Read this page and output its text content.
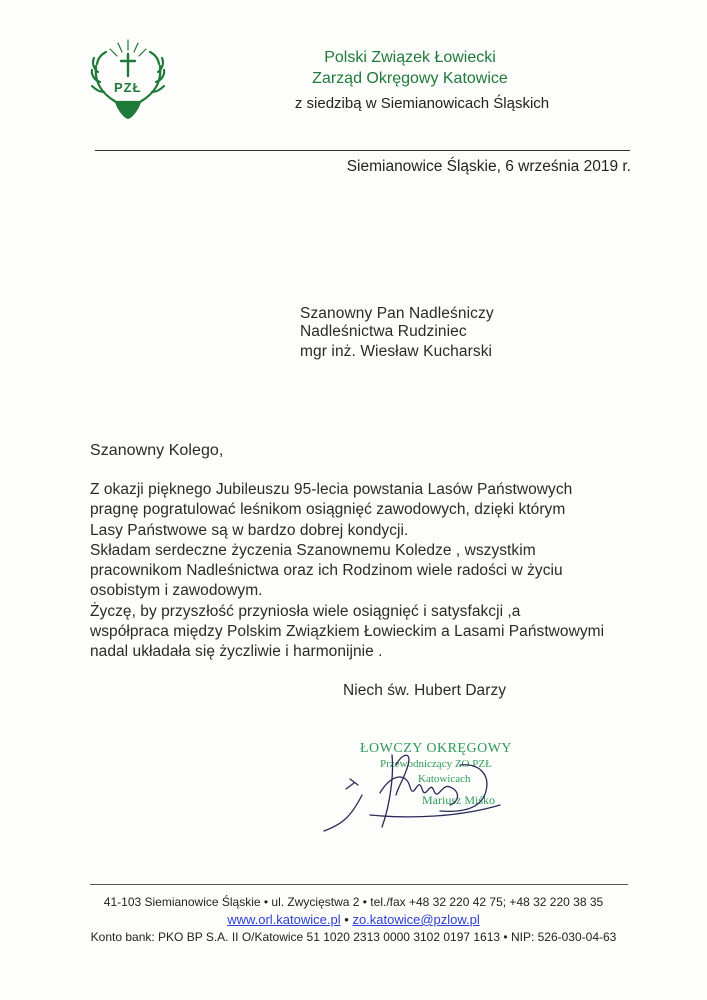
PZŁ
Polski Związek Łowiecki
Zarząd Okręgowy Katowice
z siedzibą w Siemianowicach Śląskich
Siemianowice Śląskie, 6 września 2019 r.
Szanowny Pan Nadleśniczy
Nadleśnictwa Rudziniec
mgr inż. Wiesław Kucharski
Szanowny Kolego,
Z okazji pięknego Jubileuszu 95-lecia powstania Lasów Państwowych
pragnę pogratulować leśnikom osiągnięć zawodowych, dzięki którym
Lasy Państwowe są w bardzo dobrej kondycji.
Składam serdeczne życzenia Szanownemu Koledze , wszystkim
pracownikom Nadleśnictwa oraz ich Rodzinom wiele radości w życiu
osobistym i zawodowym.
Życzę, by przyszłość przyniosła wiele osiągnięć i satysfakcji ,a
współpraca między Polskim Związkiem Łowieckim a Lasami Państwowymi
nadal układała się życzliwie i harmonijnie .
Niech św. Hubert Darzy
ŁOWCZY OKRĘGOWY
Przewodniczący ZO PZŁ
Katowicach
Mariusz Miśko
41-103 Siemianowice Śląskie • ul. Zwycięstwa 2 • tel./fax +48 32 220 42 75; +48 32 220 38 35
www.orl.katowice.pl • zo.katowice@pzlow.pl
Konto bank: PKO BP S.A. II O/Katowice 51 1020 2313 0000 3102 0197 1613 • NIP: 526-030-04-63
